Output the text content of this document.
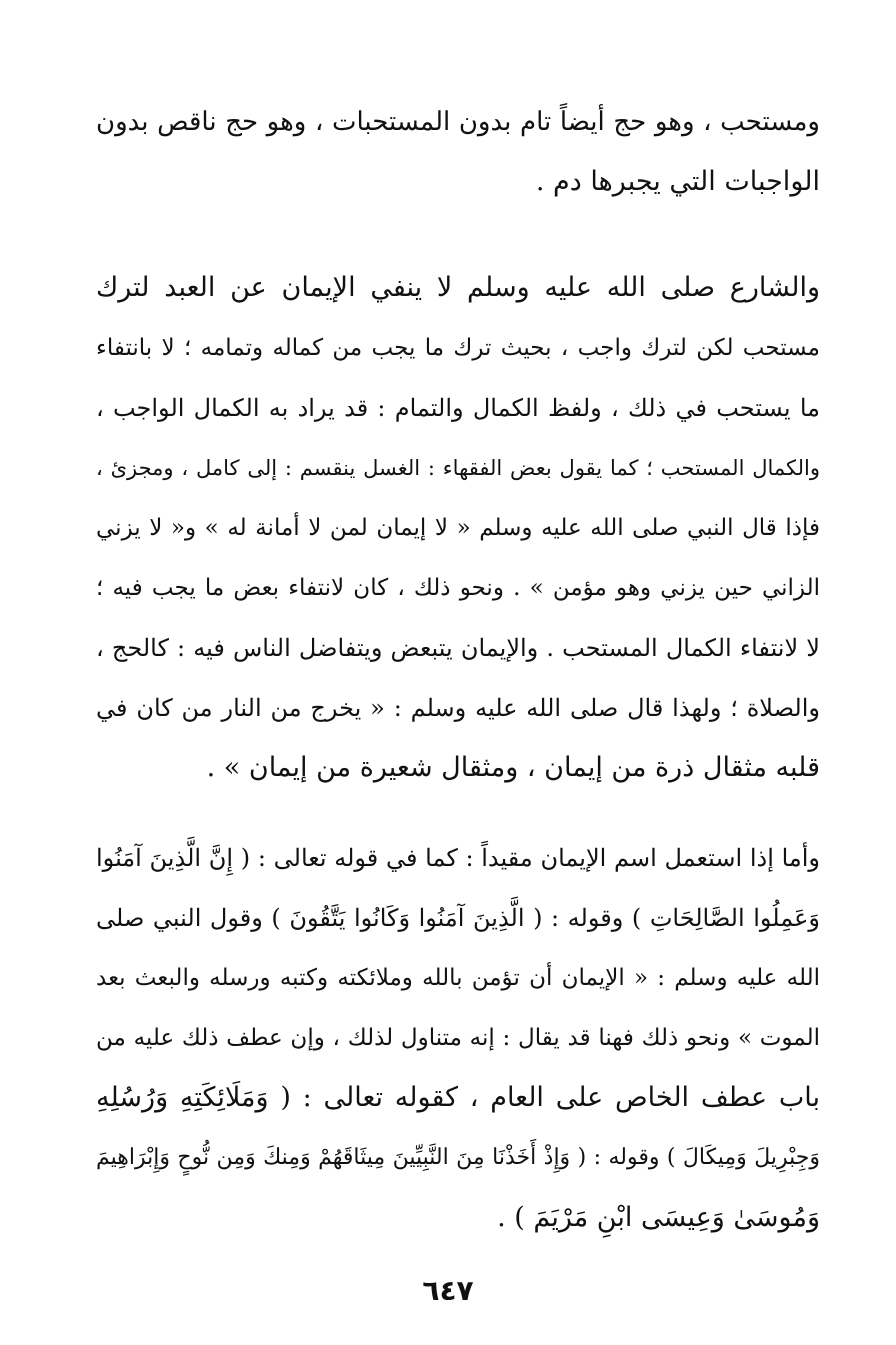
ومستحب ، وهو حج أيضاً تام بدون المستحبات ، وهو حج ناقص بدون
الواجبات التي يجبرها دم .
والشارع صلى الله عليه وسلم لا ينفي الإيمان عن العبد لترك
مستحب لكن لترك واجب ، بحيث ترك ما يجب من كماله وتمامه ؛ لا بانتفاء
ما يستحب في ذلك ، ولفظ الكمال والتمام : قد يراد به الكمال الواجب ،
والكمال المستحب ؛ كما يقول بعض الفقهاء : الغسل ينقسم : إلى كامل ، ومجزئ ،
فإذا قال النبي صلى الله عليه وسلم « لا إيمان لمن لا أمانة له » و« لا يزني
الزاني حين يزني وهو مؤمن » . ونحو ذلك ، كان لانتفاء بعض ما يجب فيه ؛
لا لانتفاء الكمال المستحب . والإيمان يتبعض ويتفاضل الناس فيه : كالحج ،
والصلاة ؛ ولهذا قال صلى الله عليه وسلم : « يخرج من النار من كان في
قلبه مثقال ذرة من إيمان ، ومثقال شعيرة من إيمان » .
وأما إذا استعمل اسم الإيمان مقيداً : كما في قوله تعالى : ( إِنَّ الَّذِينَ آمَنُوا
وَعَمِلُوا الصَّالِحَاتِ ) وقوله : ( الَّذِينَ آمَنُوا وَكَانُوا يَتَّقُونَ ) وقول النبي صلى
الله عليه وسلم : « الإيمان أن تؤمن بالله وملائكته وكتبه ورسله والبعث بعد
الموت » ونحو ذلك فهنا قد يقال : إنه متناول لذلك ، وإن عطف ذلك عليه من
باب عطف الخاص على العام ، كقوله تعالى : ( وَمَلَائِكَتِهِ وَرُسُلِهِ
وَجِبْرِيلَ وَمِيكَالَ ) وقوله : ( وَإِذْ أَخَذْنَا مِنَ النَّبِيِّينَ مِيثَاقَهُمْ وَمِنكَ وَمِن نُّوحٍ وَإِبْرَاهِيمَ
وَمُوسَىٰ وَعِيسَى ابْنِ مَرْيَمَ ) .
٦٤٧
